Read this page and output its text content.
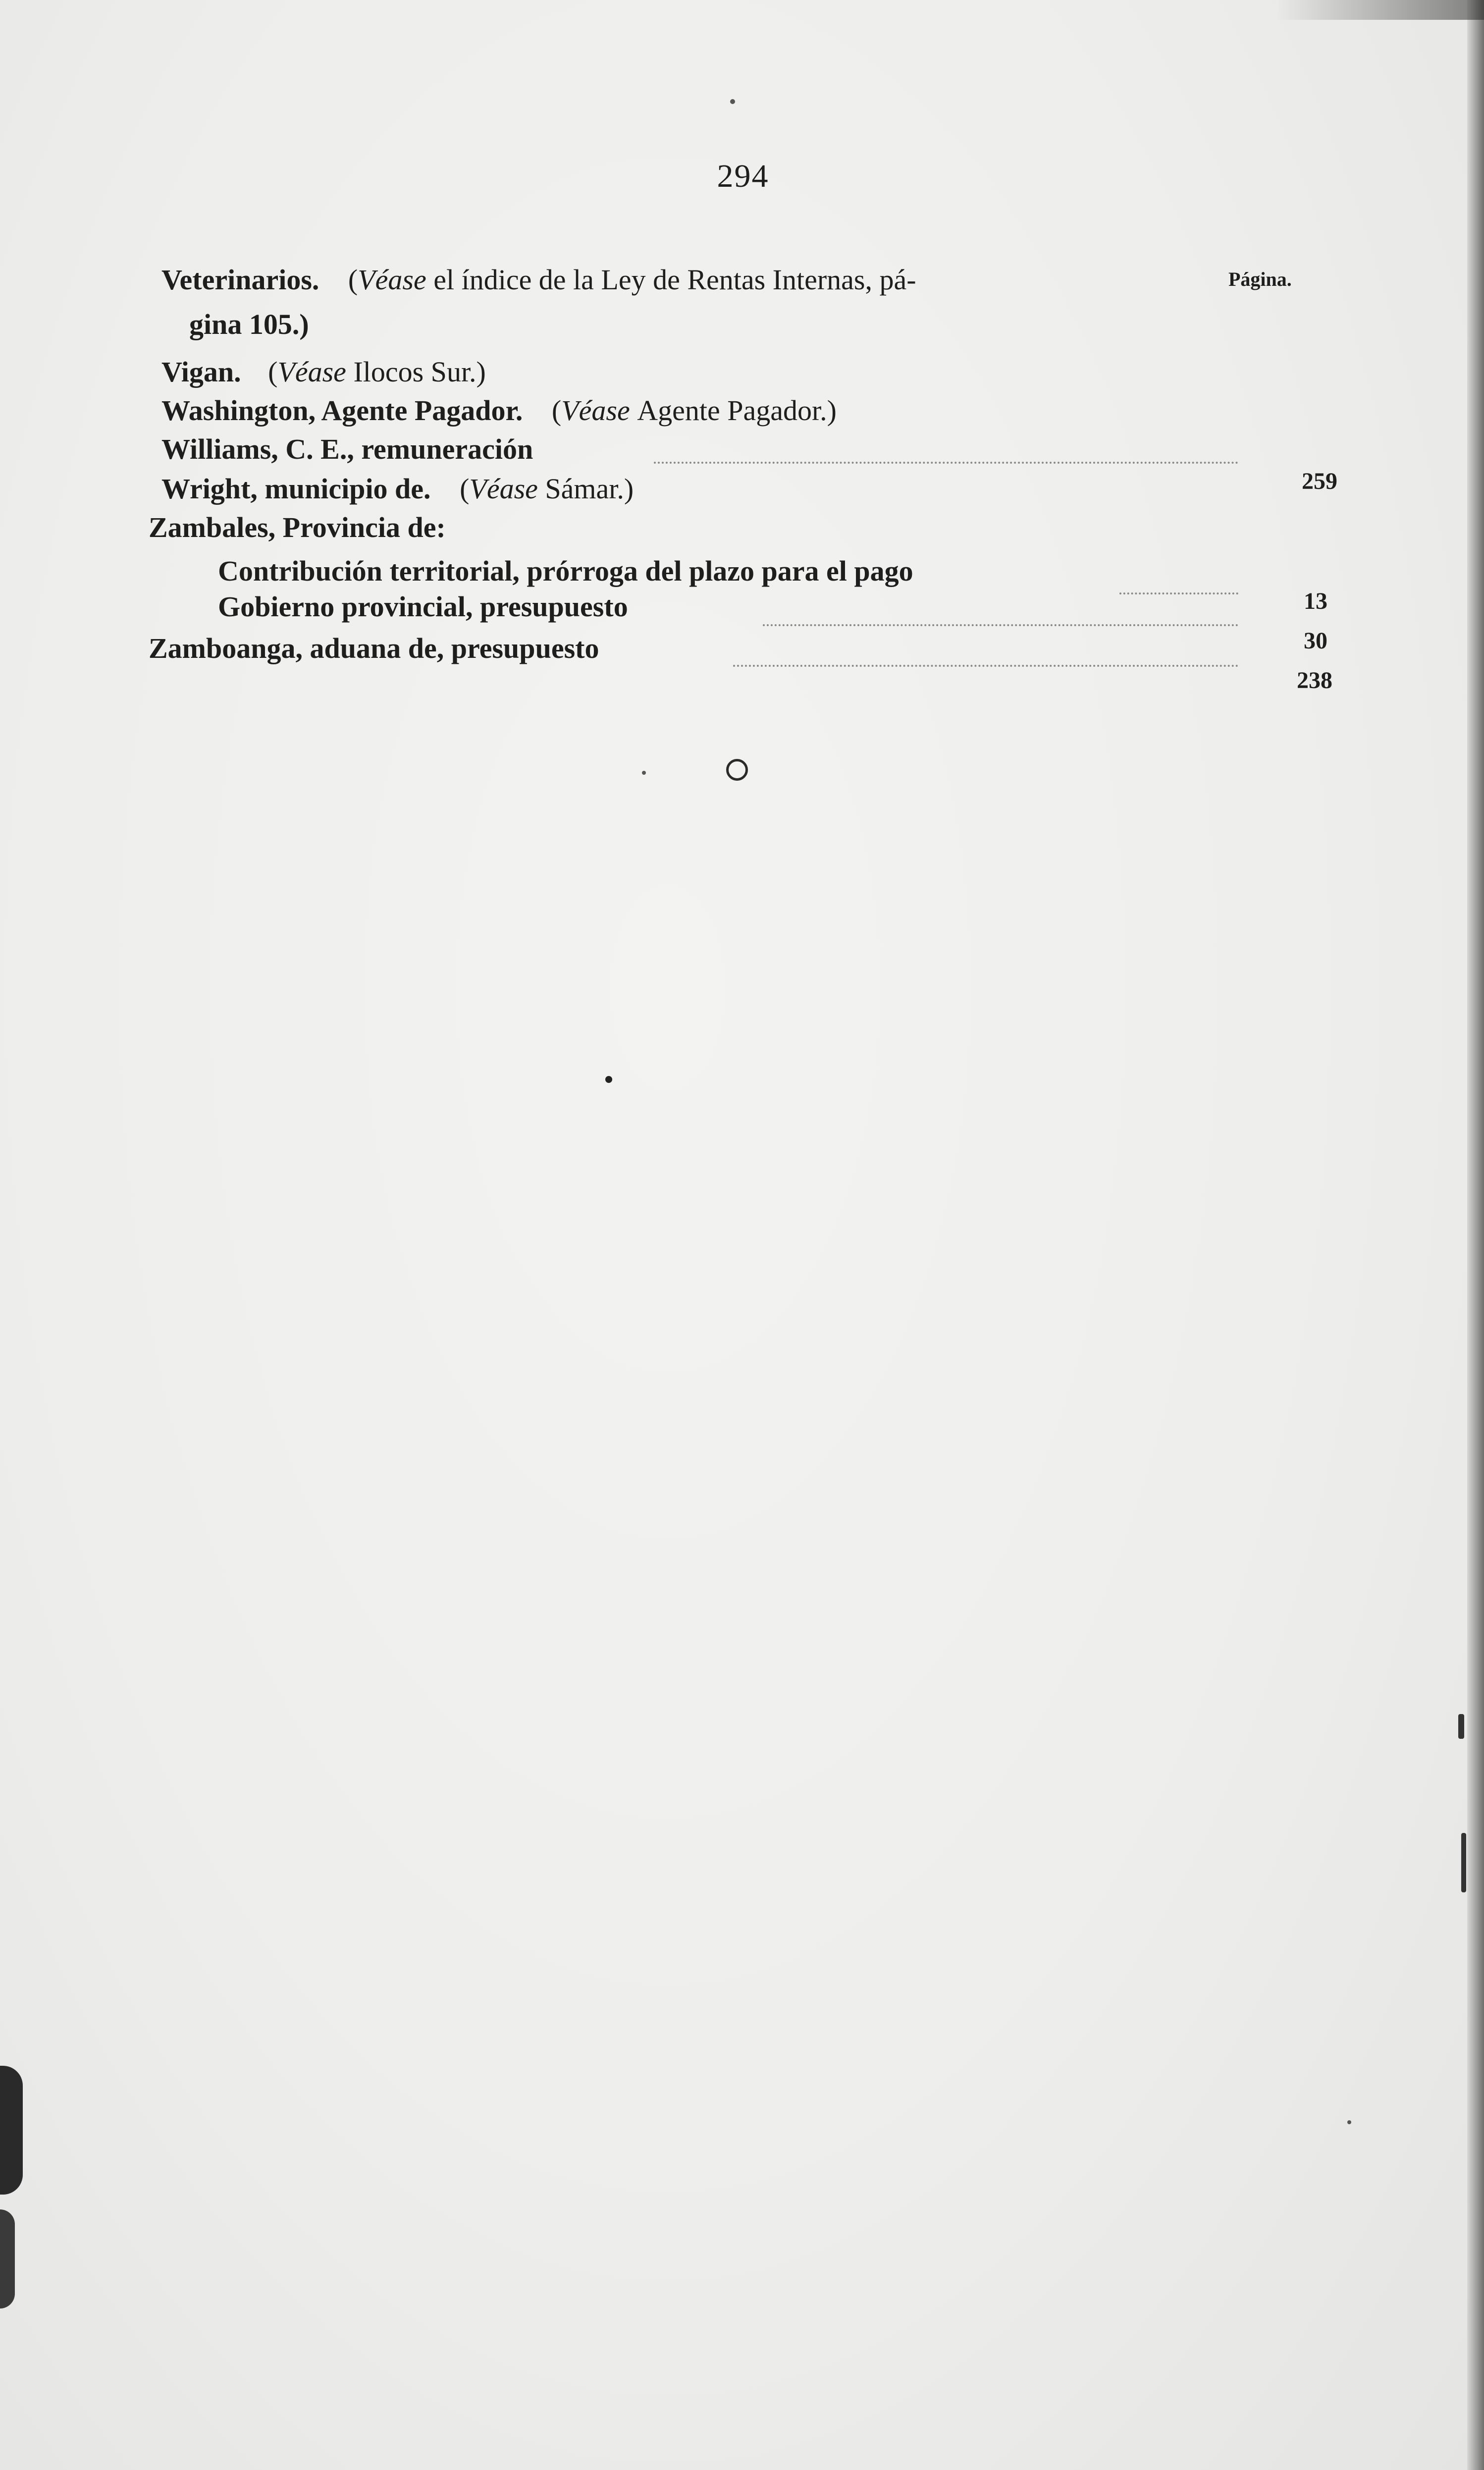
294
Página.
Veterinarios. (Véase el índice de la Ley de Rentas Internas, pá-
gina 105.)
Vigan. (Véase Ilocos Sur.)
Washington, Agente Pagador. (Véase Agente Pagador.)
Williams, C. E., remuneración
259
Wright, municipio de. (Véase Sámar.)
Zambales, Provincia de:
Contribución territorial, prórroga del plazo para el pago
13
Gobierno provincial, presupuesto
30
Zamboanga, aduana de, presupuesto
238
